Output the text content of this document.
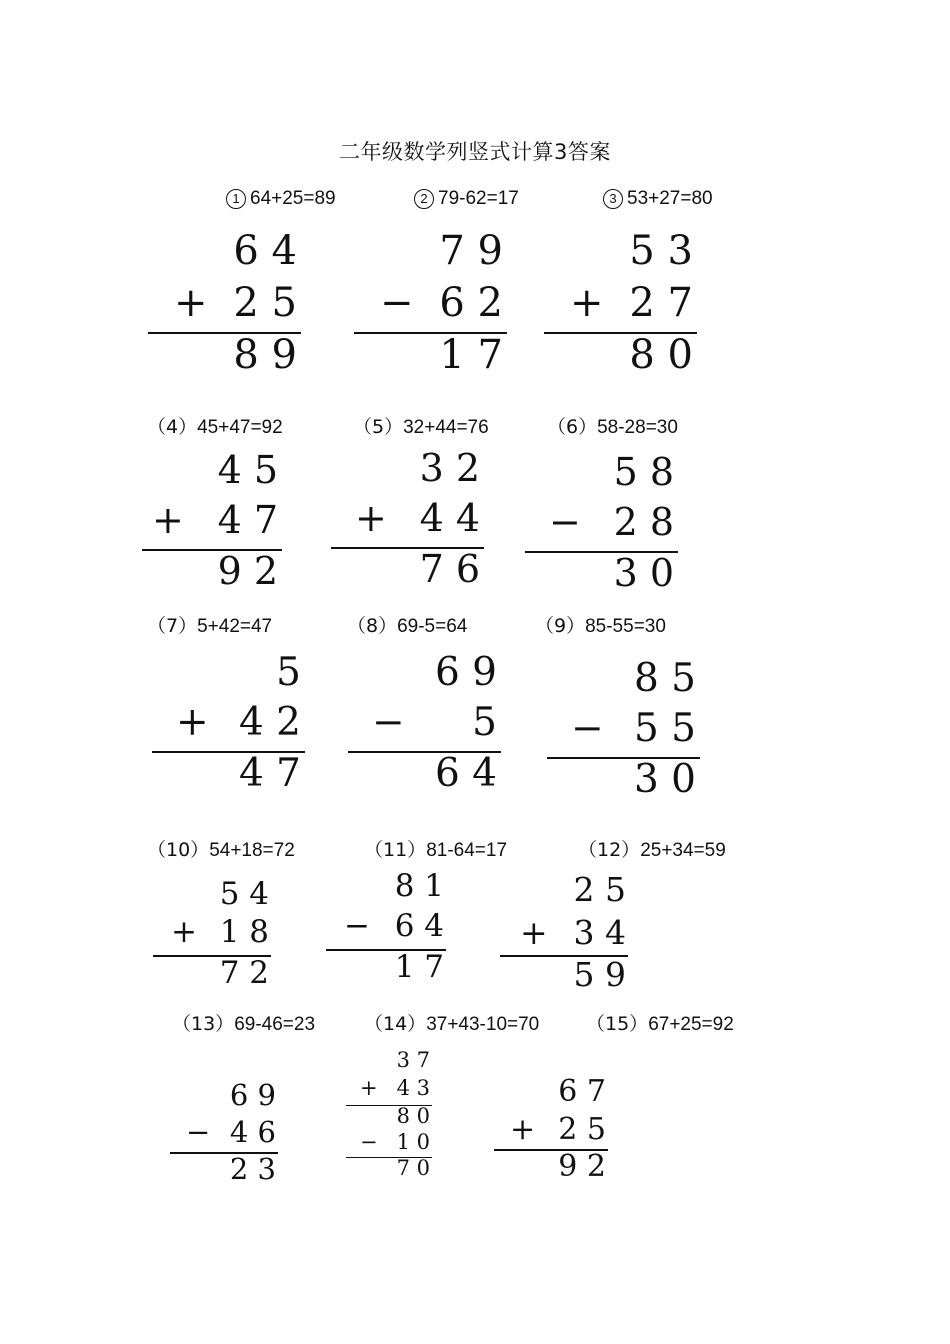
二年级数学列竖式计算3答案
1 64+25=89	2 79-62=17	3 53+27=80
6 4
+ 2 5
8 9
7 9
− 6 2
1 7
5 3
+ 2 7
8 0
（4）45+47=92	（5）32+44=76	（6）58-28=30
4 5
+ 4 7
9 2
3 2
+ 4 4
7 6
5 8
− 2 8
3 0
（7）5+42=47	（8）69-5=64	（9）85-55=30
5
+ 4 2
4 7
6 9
− 5
6 4
8 5
− 5 5
3 0
（10）54+18=72	（11）81-64=17	（12）25+34=59
5 4
+ 1 8
7 2
8 1
− 6 4
1 7
2 5
+ 3 4
5 9
（13）69-46=23	（14）37+43-10=70 （15）67+25=92
6 9
− 4 6
2 3
3 7
+ 4 3
8 0
− 1 0
7 0
6 7
+ 2 5
9 2
